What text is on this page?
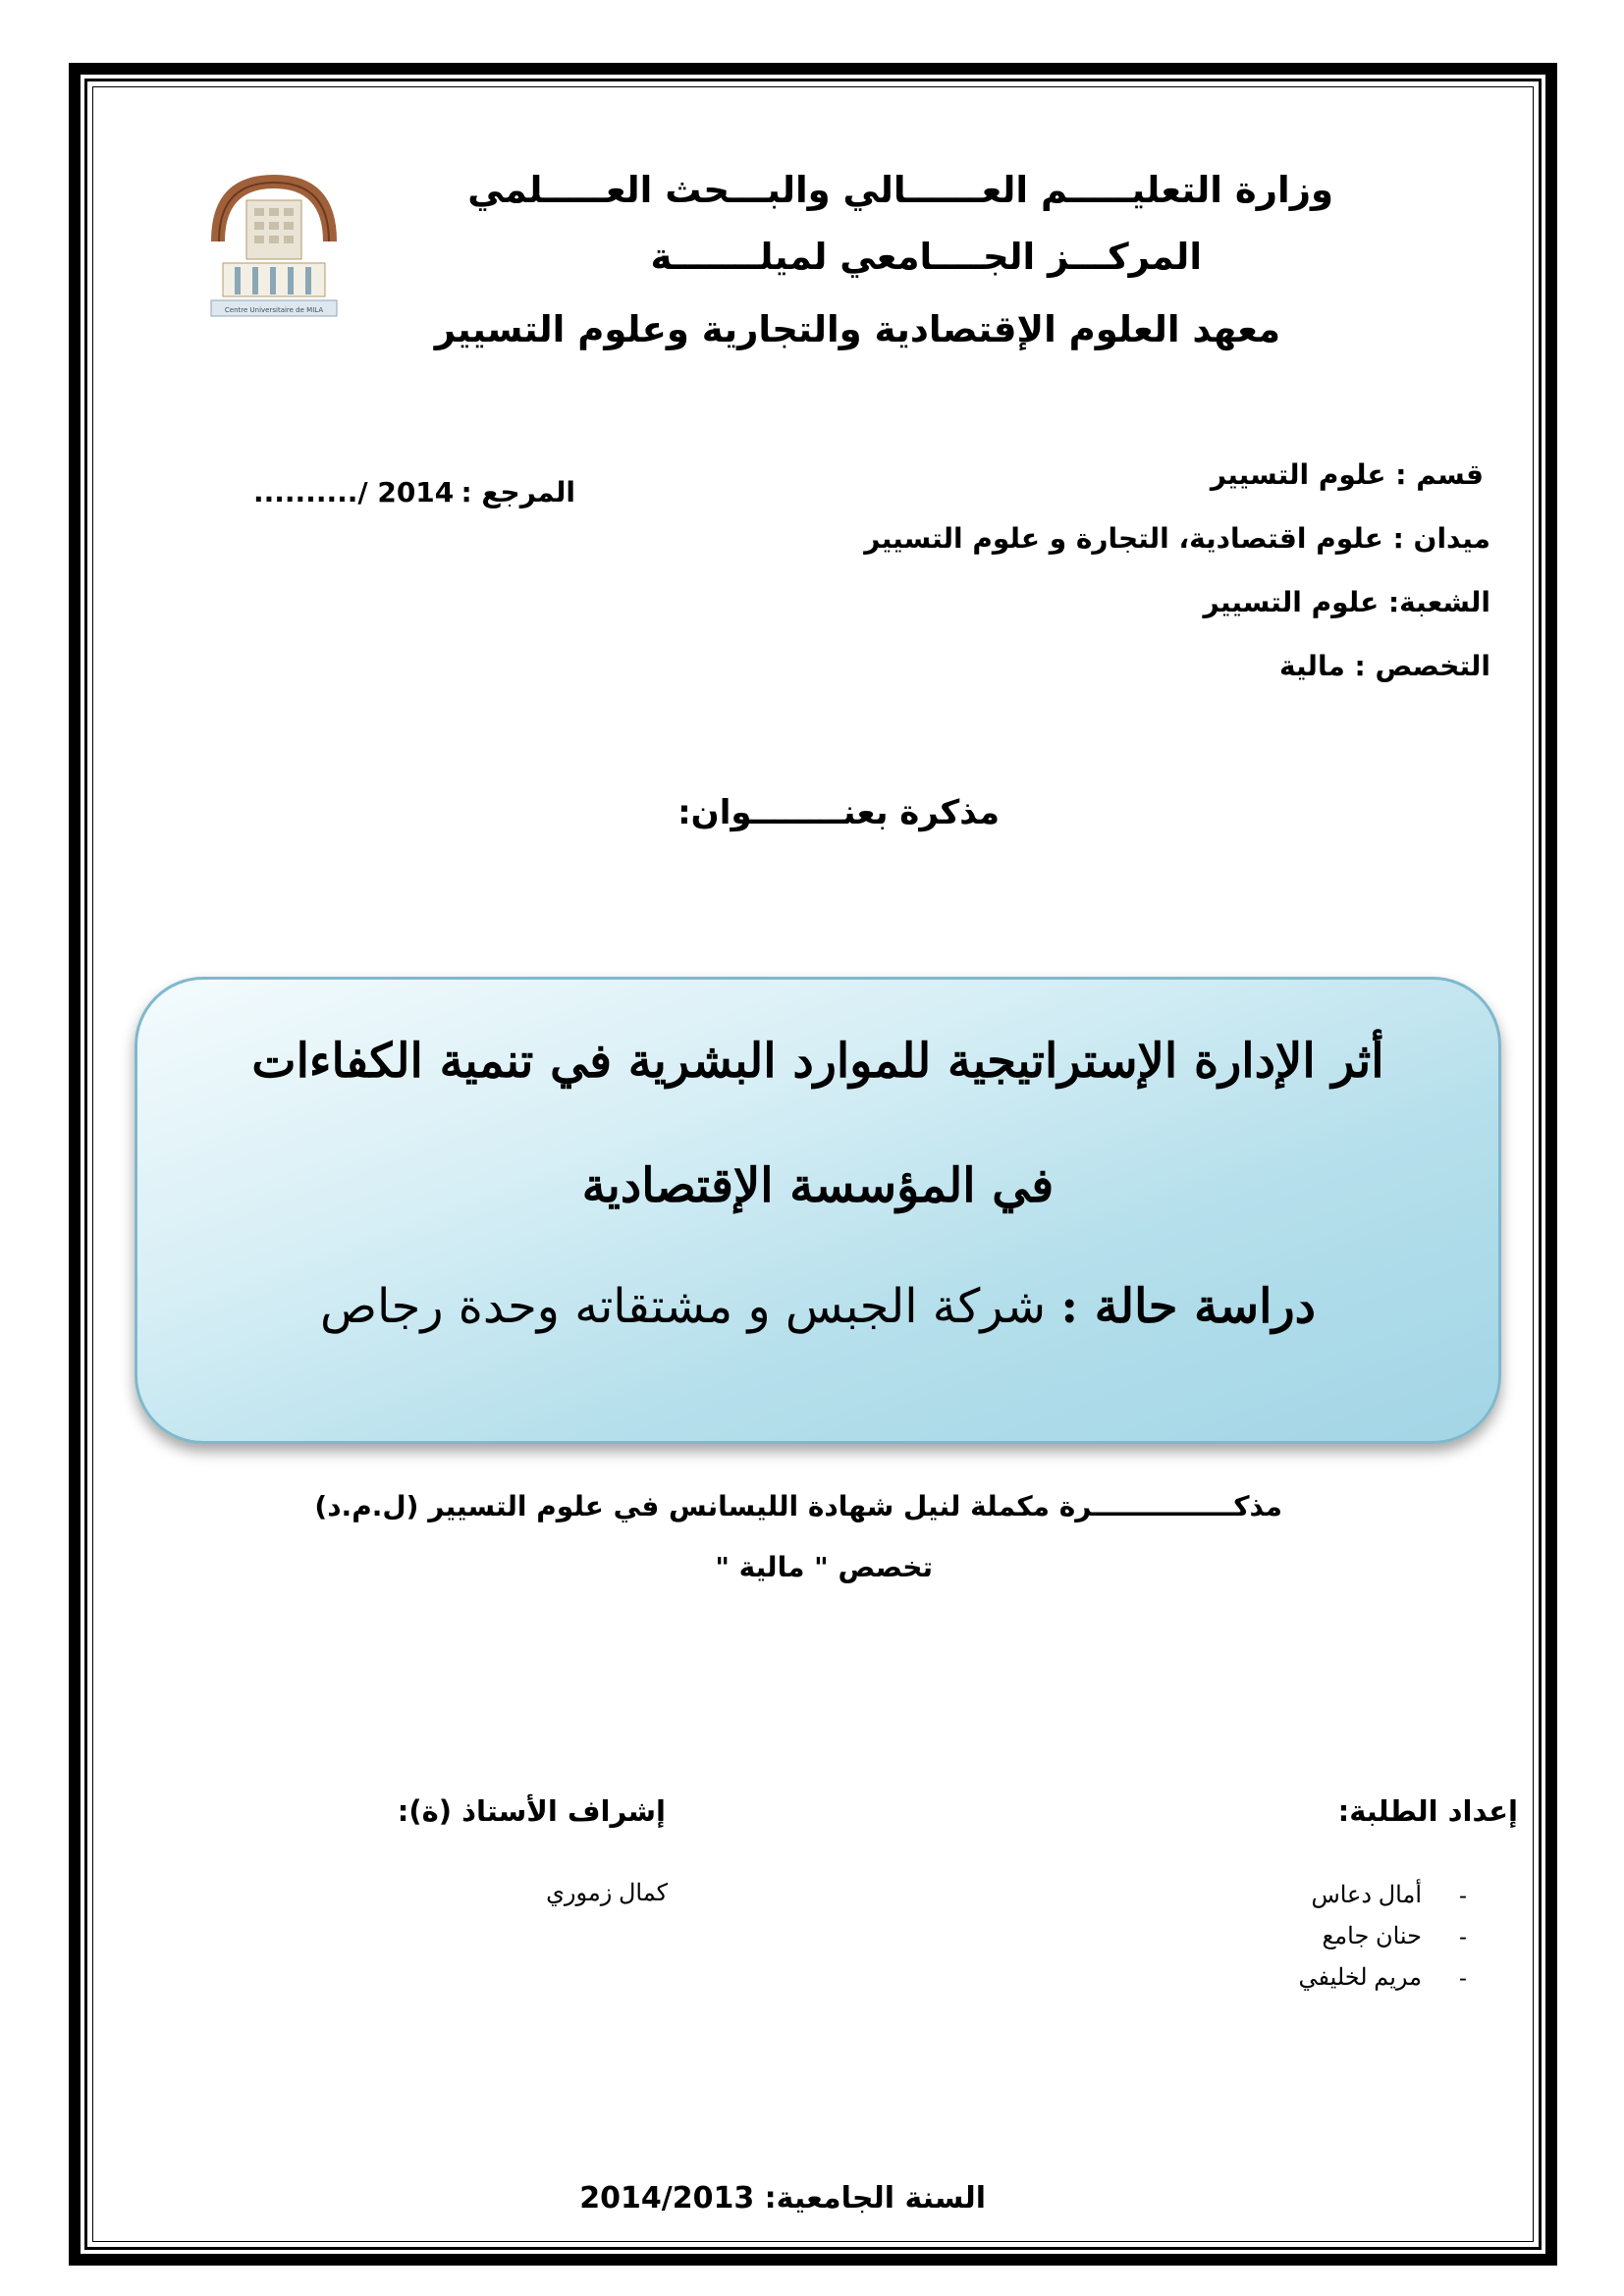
Centre Universitaire de MILA
وزارة التعليـــــم العــــــالي والبـــحث العـــــلمي
المركـــز الجــــامعي لميلـــــــة
معهد العلوم الإقتصادية والتجارية وعلوم التسيير
قسم : علوم التسيير
ميدان : علوم اقتصادية، التجارة و علوم التسيير
الشعبة: علوم التسيير
التخصص : مالية
المرجع :
........../ 2014
مذكرة بعنــــــــوان:
أثر الإدارة الإستراتيجية للموارد البشرية في تنمية الكفاءات
في المؤسسة الإقتصادية
دراسة حالة : شركة الجبس و مشتقاته وحدة رجاص
مذكـــــــــــــــرة مكملة لنيل شهادة الليسانس في علوم التسيير (ل.م.د)
تخصص " مالية "
إعداد الطلبة:
-
أمال دعاس
-
حنان جامع
-
مريم لخليفي
إشراف الأستاذ (ة):
كمال زموري
السنة الجامعية: 2014/2013
